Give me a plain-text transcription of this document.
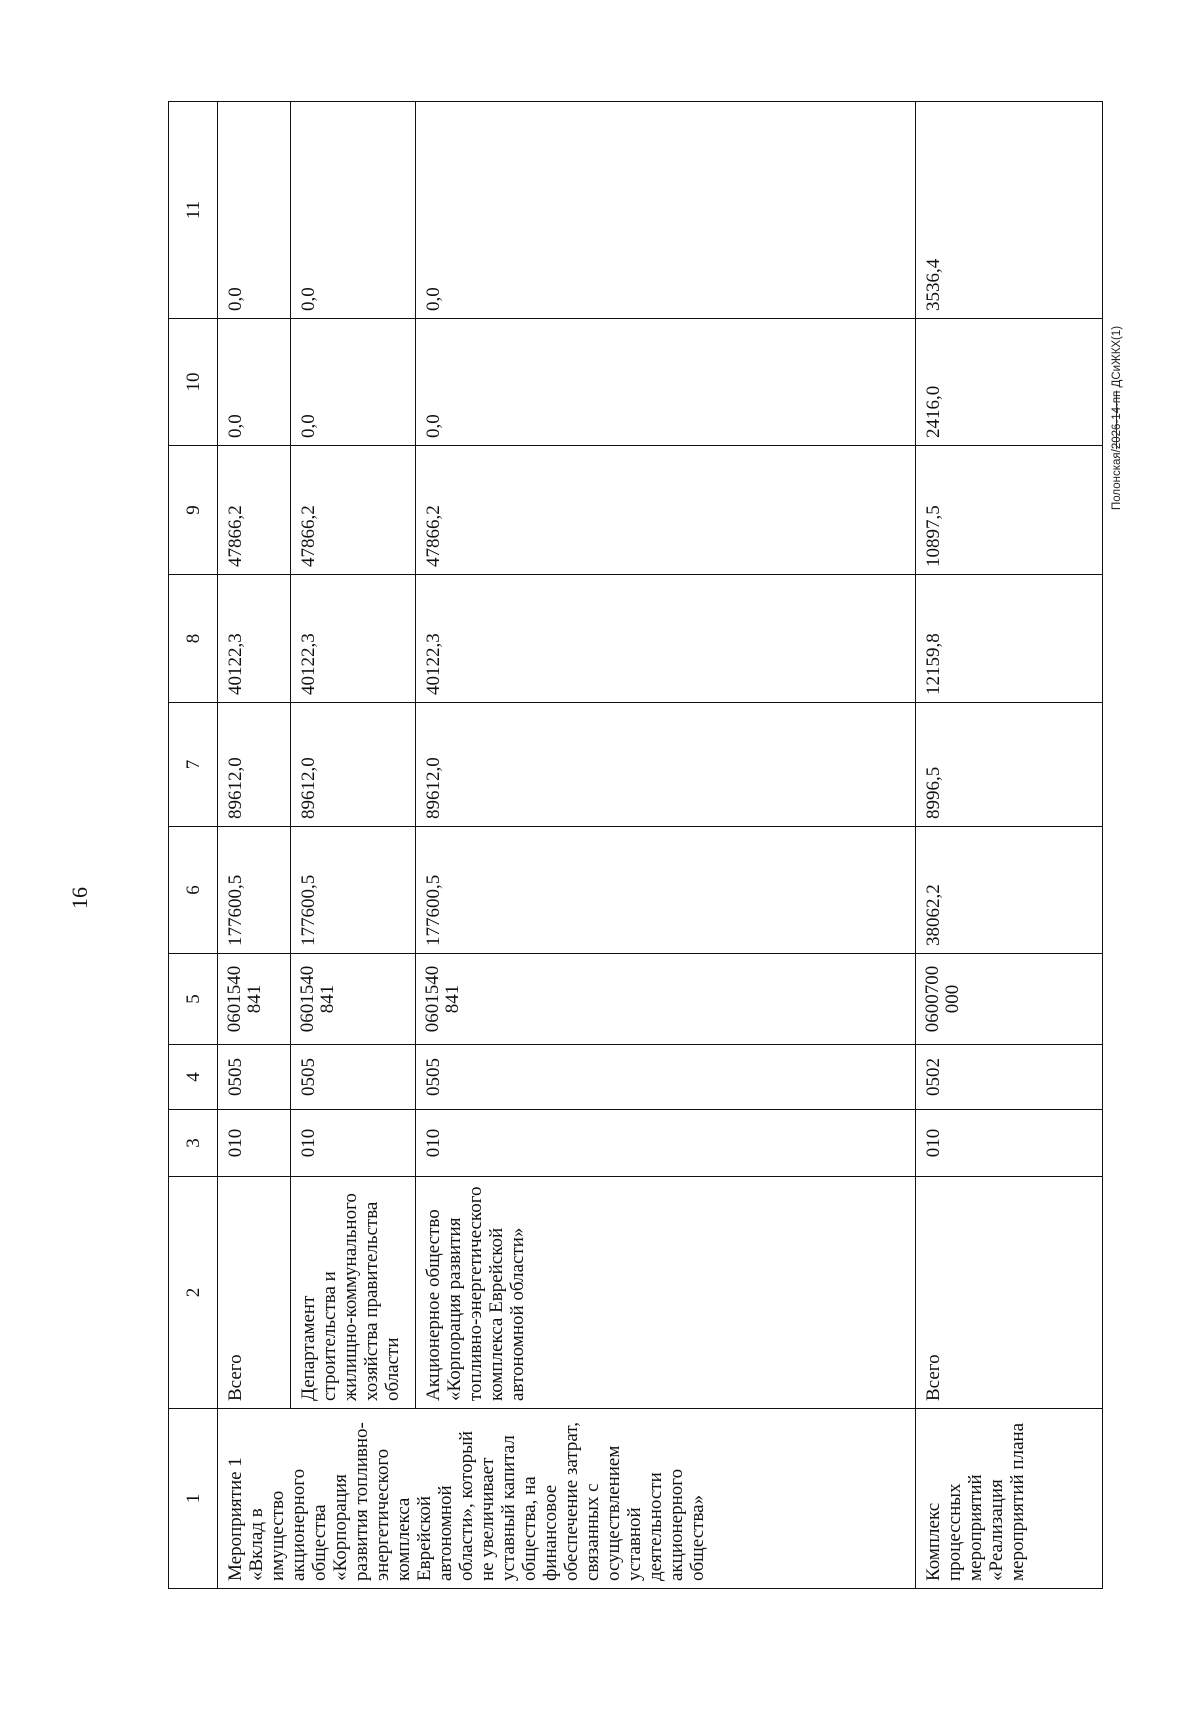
16
Полонская/2026-14-пп ДСиЖКХ(1)
1	2	3	4	5	6	7	8	9	10	11
Мероприятие 1 «Вклад в имущество акционерного общества «Корпорация развития топливно-энергетического комплекса Еврейской автономной области», который не увеличивает уставный капитал общества, на финансовое обеспечение затрат, связанных с осуществлением уставной деятельности акционерного общества»	Всего	010	0505	0601540 841	177600,5	89612,0	40122,3	47866,2	0,0	0,0
	Департамент строительства и жилищно-коммунального хозяйства правительства области	010	0505	0601540 841	177600,5	89612,0	40122,3	47866,2	0,0	0,0
	Акционерное общество «Корпорация развития топливно-энергетического комплекса Еврейской автономной области»	010	0505	0601540 841	177600,5	89612,0	40122,3	47866,2	0,0	0,0
Комплекс процессных мероприятий «Реализация мероприятий плана	Всего	010	0502	0600700 000	38062,2	8996,5	12159,8	10897,5	2416,0	3536,4
